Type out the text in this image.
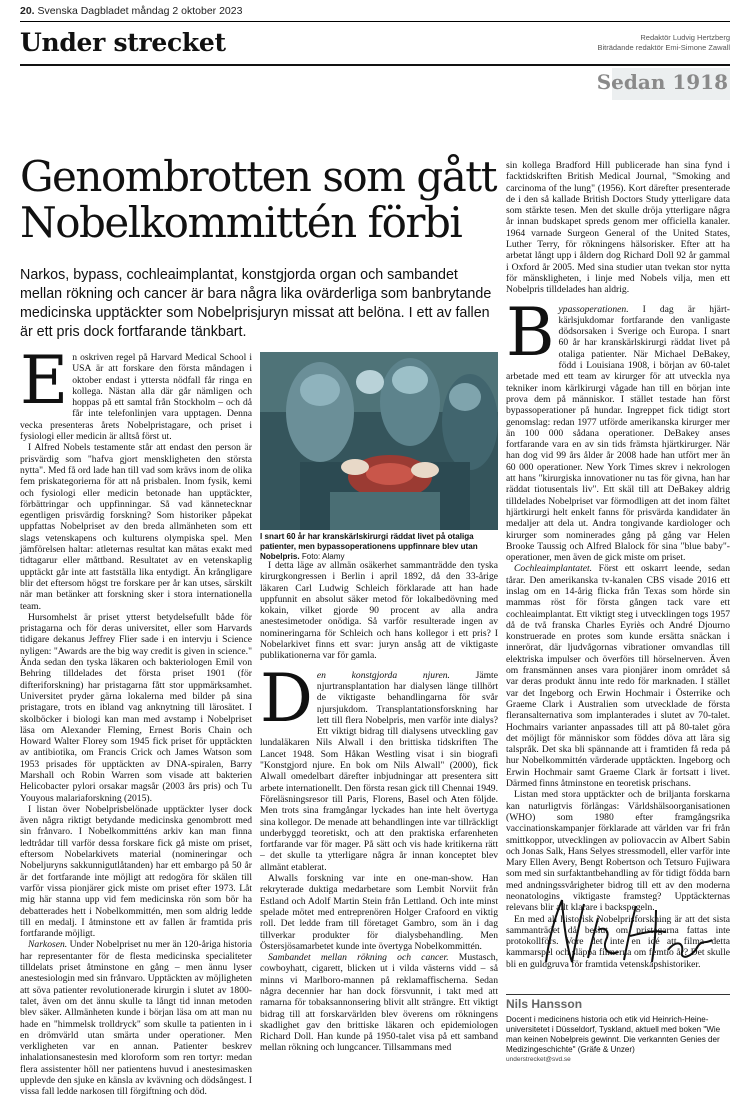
20. Svenska Dagbladet måndag 2 oktober 2023
Under strecket	Redaktör Ludvig Hertzberg
Biträdande redaktör Emi-Simone Zawall
Sedan 1918
Genombrotten som gått
Nobelkommittén förbi
Narkos, bypass, cochleaimplantat, konstgjorda organ och sambandet mellan rökning och cancer är bara några lika ovärderliga som banbrytande medicinska upptäckter som Nobelprisjuryn missat att belöna. I ett av fallen är ett pris dock fortfarande tänkbart.

En oskriven regel på Harvard Medical School i USA är att forskare den första måndagen i oktober endast i yttersta nödfall får ringa en kollega. Nästan alla där går nämligen och hoppas på ett samtal från Stockholm – och då får inte telefonlinjen vara upptagen. Denna vecka presenteras årets Nobelpristagare, och priset i fysiologi eller medicin är alltså först ut.

I Alfred Nobels testamente står att endast den person är prisvärdig som "hafva gjort menskligheten den största nytta". Med få ord lade han till vad som krävs inom de olika fem priskategorierna för att nå prisbalen. Inom fysik, kemi och fysiologi eller medicin betonade han upptäckter, förbättringar och uppfinningar. Så vad kännetecknar egentligen prisvärdig forskning? Som historiker påpekat uppfattas Nobelpriset av den breda allmänheten som ett slags vetenskapens och kulturens olympiska spel. Men jämförelsen haltar: atleternas resultat kan mätas exakt med tidtagarur eller måttband. Resultatet av en vetenskaplig upptäckt går inte att fastställa lika entydigt. Än krångligare blir det eftersom högst tre forskare per år kan utses, särskilt när man betänker att forskning sker i stora internationella team.

Hursomhelst är priset ytterst betydelsefullt både för pristagarna och för deras universitet, eller som Harvards tidigare dekanus Jeffrey Flier sade i en intervju i Science nyligen: "Awards are the big way credit is given in science." Ända sedan den tyska läkaren och bakteriologen Emil von Behring tilldelades det första priset 1901 (för difteriforskning) har pristagarna fått stor uppmärksamhet. Universitet pryder gärna lokalerna med bilder på sina pristagare, trots en ibland vag anknytning till lärosätet. I skolböcker i biologi kan man med avstamp i Nobelpriset läsa om Alexander Fleming, Ernest Boris Chain och Howard Walter Florey som 1945 fick priset för upptäckten av antibiotika, om Francis Crick och James Watson som 1953 prisades för upptäckten av DNA-spiralen, Barry Marshall och Robin Warren som visade att bakterien Helicobacter pylori orsakar magsår (2003 års pris) och Tu Youyous malariaforskning (2015).

I listan över Nobelprisbelönade upptäckter lyser dock även några riktigt betydande medicinska genombrott med sin frånvaro. I Nobelkommitténs arkiv kan man finna ledtrådar till varför dessa forskare fick gå miste om priset, eftersom Nobelarkivets material (nomineringar och Nobeljuryns sakkunnigutlåtanden) har ett embargo på 50 år är det fortfarande inte möjligt att redogöra för skälen till varför vissa pionjärer gick miste om priset efter 1973. Låt mig här stanna upp vid fem medicinska rön som bör ha debatterades hett i Nobelkommittén, men som aldrig ledde till en medalj. I åtminstone ett av fallen är framtida pris fortfarande möjligt.

Narkosen. Under Nobelpriset nu mer än 120-åriga historia har representanter för de flesta medicinska specialiteter tilldelats priset åtminstone en gång – men ännu lyser anestesiologin med sin frånvaro. Upptäckten av möjligheten att söva patienter revolutionerade kirurgin i slutet av 1800-talet, även om det ännu skulle ta långt tid innan metoden blev säker. Allmänheten kunde i början läsa om att man nu hade en "himmelsk trolldryck" som skulle ta patienten in i en drömvärld utan smärta under operationer. Men verkligheten var en annan. Patienter beskrev inhalationsanestesin med kloroform som ren tortyr: medan flera assistenter höll ner patientens huvud i anestesimasken upplevde den sjuke en känsla av kvävning och dödsångest. I vissa fall ledde narkosen till förgiftning och död.

I snart 60 år har kranskärlskirurgi räddat livet på otaliga patienter, men bypassoperationens uppfinnare blev utan Nobelpris. Foto: Alamy

I detta läge av allmän osäkerhet sammanträdde den tyska kirurgkongressen i Berlin i april 1892, då den 33-årige läkaren Carl Ludwig Schleich förklarade att han hade uppfunnit en absolut säker metod för lokalbedövning med kokain, vilket gjorde 90 procent av alla andra anestesimetoder onödiga. Så varför resulterade ingen av nomineringarna för Schleich och hans kollegor i ett pris? I Nobelarkivet finns ett svar: juryn ansåg att de viktigaste publikationerna var för gamla.

Den konstgjorda njuren. Jämte njurtransplantation har dialysen länge tillhört de viktigaste behandlingarna för svår njursjukdom. Transplantationsforskning har lett till flera Nobelpris, men varför inte dialys? Ett viktigt bidrag till dialysens utveckling gav lundaläkaren Nils Alwall i den brittiska tidskriften The Lancet 1948. Som Håkan Westling visat i sin biografi "Konstgjord njure. En bok om Nils Alwall" (2000), fick Alwall omedelbart därefter inbjudningar att presentera sitt arbete internationellt. Den första resan gick till Chennai 1949. Föreläsningsresor till Paris, Florens, Basel och Aten följde. Men trots sina framgångar lyckades han inte helt övertyga sina kollegor. De menade att behandlingen inte var tillräckligt underbyggd teoretiskt, och att den praktiska erfarenheten fortfarande var för mager. På sätt och vis hade kritikerna rätt – det skulle ta ytterligare några år innan konceptet blev allmänt etablerat.

Alwalls forskning var inte en one-man-show. Han rekryterade duktiga medarbetare som Lembit Norviit från Estland och Adolf Martin Stein från Lettland. Och inte minst spelade mötet med entreprenören Holger Crafoord en viktig roll. Det ledde fram till företaget Gambro, som än i dag tillverkar produkter för dialysbehandling. Men Östersjösamarbetet kunde inte övertyga Nobelkommittén.

Sambandet mellan rökning och cancer. Mustasch, cowboyhatt, cigarett, blicken ut i vilda västerns vidd – så minns vi Marlboro-mannen på reklamaffischerna. Sedan några decennier har han dock försvunnit, i takt med att ramarna för tobaksannonsering blivit allt strängre. Ett viktigt bidrag till att forskarvärlden blev överens om rökningens skadlighet gav den brittiske läkaren och epidemiologen Richard Doll. Han kunde på 1950-talet visa på ett samband mellan rökning och lungcancer. Tillsammans med

sin kollega Bradford Hill publicerade han sina fynd i facktidskriften British Medical Journal, "Smoking and carcinoma of the lung" (1956). Kort därefter presenterade de i den så kallade British Doctors Study ytterligare data som stärkte tesen. Men det skulle dröja ytterligare några år innan budskapet spreds genom mer officiella kanaler. 1964 varnade Surgeon General of the United States, Luther Terry, för rökningens hälsorisker. Efter att ha arbetat långt upp i åldern dog Richard Doll 92 år gammal i Oxford år 2005. Med sina studier utan tvekan stor nytta för mänskligheten, i linje med Nobels vilja, men ett Nobelpris tilldelades han aldrig.

Bypassoperationen. I dag är hjärt-kärlsjukdomar fortfarande den vanligaste dödsorsaken i Sverige och Europa. I snart 60 år har kranskärlskirurgi räddat livet på otaliga patienter. När Michael DeBakey, född i Louisiana 1908, i början av 60-talet arbetade med ett team av kirurger för att utveckla nya tekniker inom kärlkirurgi vågade han till en början inte prova dem på människor. I stället testade han först bypassoperationer på hundar. Ingreppet fick tidigt stort genomslag: redan 1977 utförde amerikanska kirurger mer än 100 000 sådana operationer. DeBakey anses fortfarande vara en av sin tids främsta hjärtkirurger. När han dog vid 99 års ålder år 2008 hade han utfört mer än 60 000 operationer. New York Times skrev i nekrologen att hans "kirurgiska innovationer nu tas för givna, han har räddat tiotusentals liv". Ett skäl till att DeBakey aldrig tilldelades Nobelpriset var förmodligen att det inom fältet hjärtkirurgi helt enkelt fanns för prisvärda kandidater än medaljer att dela ut. Andra tongivande kardiologer och kirurger som nominerades gång på gång var Helen Brooke Taussig och Alfred Blalock för sina "blue baby"-operationer, men även de gick miste om priset.

Cochleaimplantatet. Först ett oskarrt leende, sedan tårar. Den amerikanska tv-kanalen CBS visade 2016 ett inslag om en 14-årig flicka från Texas som hörde sin mammas röst för första gången tack vare ett cochleaimplantat. Ett viktigt steg i utvecklingen togs 1957 då de två franska Charles Eyriès och André Djourno konstruerade en protes som kunde ersätta snäckan i innerörat, där ljudvågornas vibrationer omvandlas till elektriska impulser och överförs till hörselnerven. Även om fransmännen anses vara pionjärer inom området så var deras produkt ännu inte redo för marknaden. I stället var det Ingeborg och Erwin Hochmair i Österrike och Graeme Clark i Australien som utvecklade de första fleransalternativa som implanterades i slutet av 70-talet. Hochmairs varianter anpassades till att på 80-talet göra det möjligt för människor som föddes döva att lära sig talspråk. Det ska bli spännande att i framtiden få reda på hur Nobelkommittén värderade upptäckten. Ingeborg och Erwin Hochmair samt Graeme Clark är fortsatt i livet. Därmed finns åtminstone en teoretisk prischans.

Listan med stora upptäckter och de briljanta forskarna kan naturligtvis förlängas: Världshälsoorganisationen (WHO) som 1980 efter framgångsrika vaccinationskampanjer förklarade att världen var fri från smittkoppor, utvecklingen av poliovaccin av Albert Sabin och Jonas Salk, Hans Selyes stressmodell, eller varför inte Mary Ellen Avery, Bengt Robertson och Tetsuro Fujiwara som med sin surfaktantbehandling av för tidigt födda barn med andningssvårigheter bidrog till ett av den moderna neonatologins viktigaste framsteg? Upptäckternas relevans blir allt klarare i backspegeln.

En med all historisk Nobelprisforskning är att det sista sammanträdet då beslut om pristagarna fattas inte protokollförs. Vore det inte en idé att filma detta kammarspel och släppa filmerna om femtio år? Det skulle bli en guldgruva för framtida vetenskapshistoriker.

Nils Hansson
Docent i medicinens historia och etik vid Heinrich-Heine-universitetet i Düsseldorf, Tyskland, aktuell med boken "Wie man keinen Nobelpreis gewinnt. Die verkannten Genies der Medizingeschichte" (Gräfe & Unzer)
understrecket@svd.se
